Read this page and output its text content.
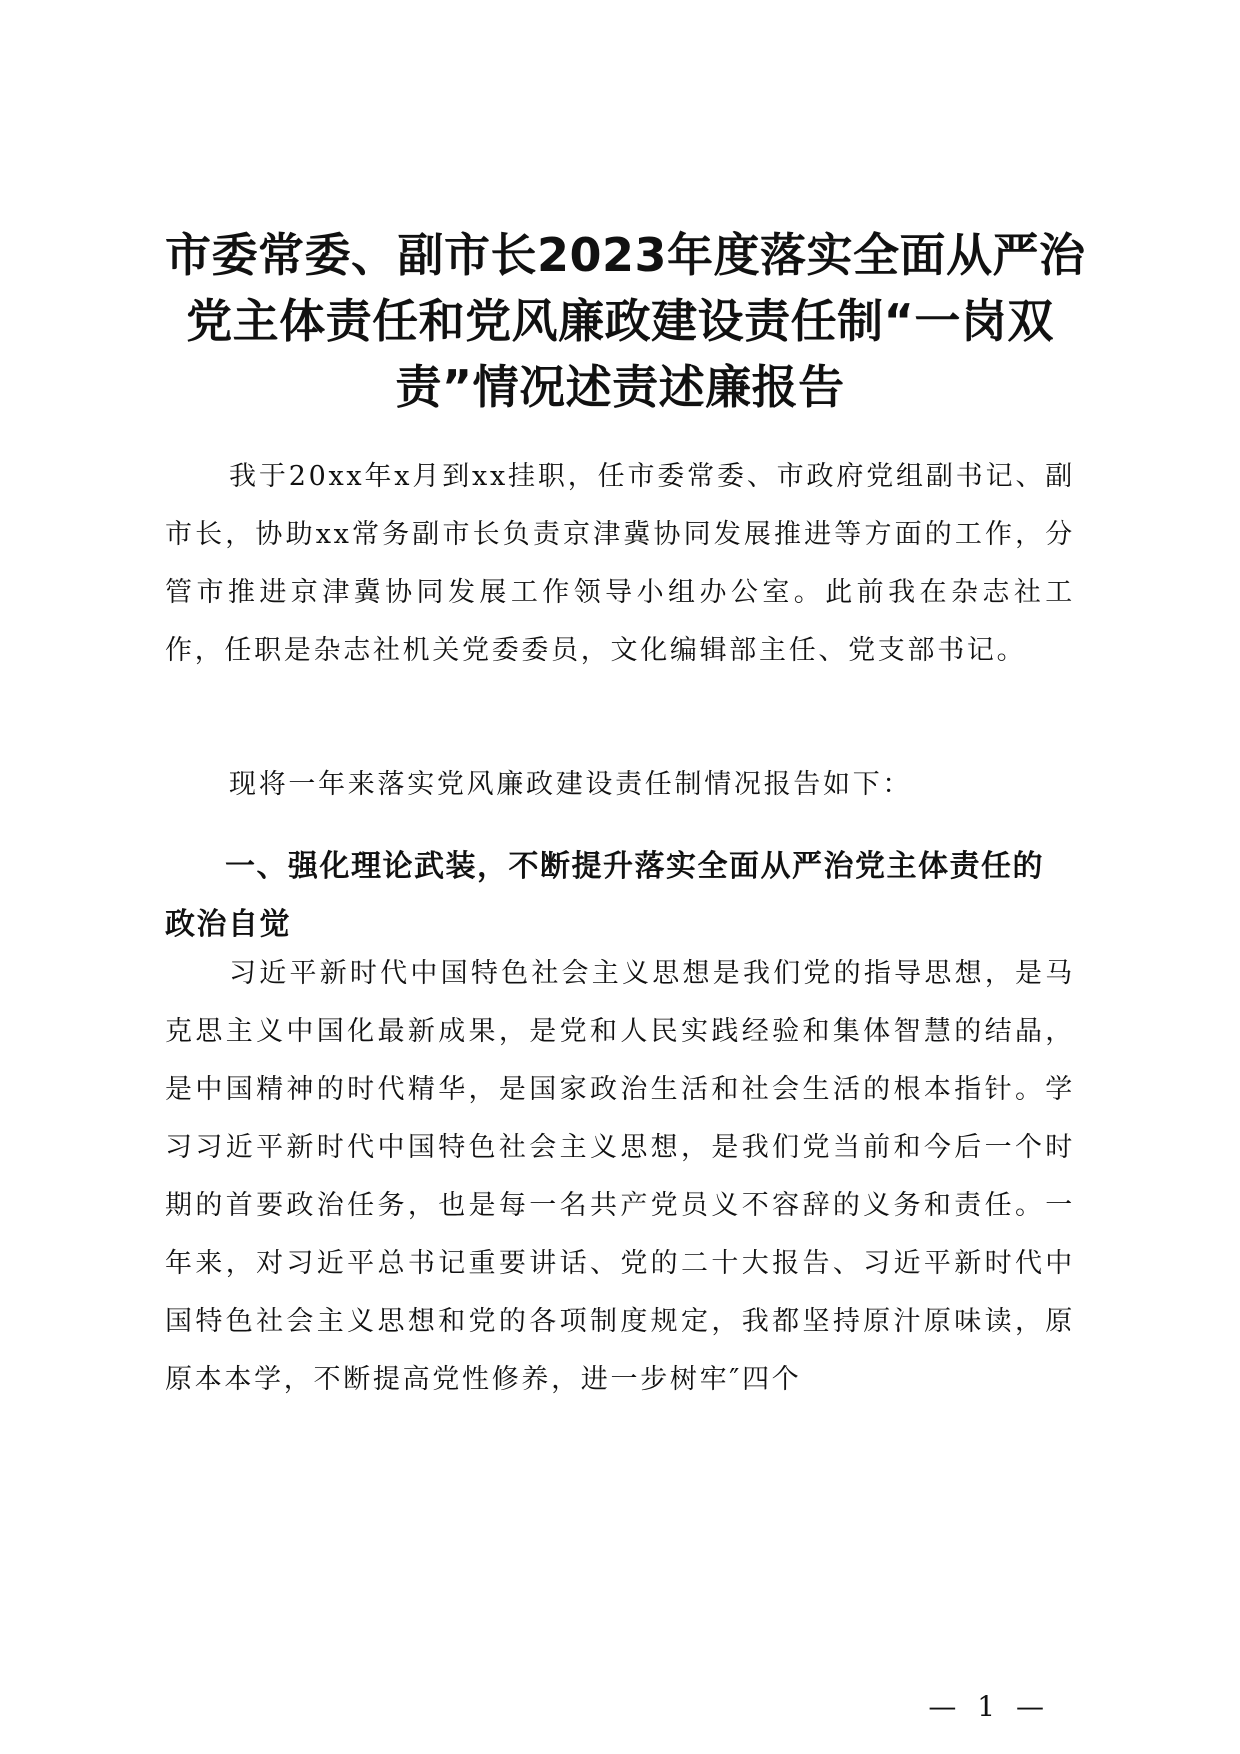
市委常委、副市长2023年度落实全面从严治
党主体责任和党风廉政建设责任制“一岗双
责”情况述责述廉报告

我于20xx年x月到xx挂职，任市委常委、市政府党组副书记、副市长，协助xx常务副市长负责京津冀协同发展推进等方面的工作，分管市推进京津冀协同发展工作领导小组办公室。此前我在杂志社工作，任职是杂志社机关党委委员，文化编辑部主任、党支部书记。

现将一年来落实党风廉政建设责任制情况报告如下：

一、强化理论武装，不断提升落实全面从严治党主体责任的政治自觉

习近平新时代中国特色社会主义思想是我们党的指导思想，是马克思主义中国化最新成果，是党和人民实践经验和集体智慧的结晶，是中国精神的时代精华，是国家政治生活和社会生活的根本指针。学习习近平新时代中国特色社会主义思想，是我们党当前和今后一个时期的首要政治任务，也是每一名共产党员义不容辞的义务和责任。一年来，对习近平总书记重要讲话、党的二十大报告、习近平新时代中国特色社会主义思想和党的各项制度规定，我都坚持原汁原味读，原原本本学，不断提高党性修养，进一步树牢″四个

— 1 —
